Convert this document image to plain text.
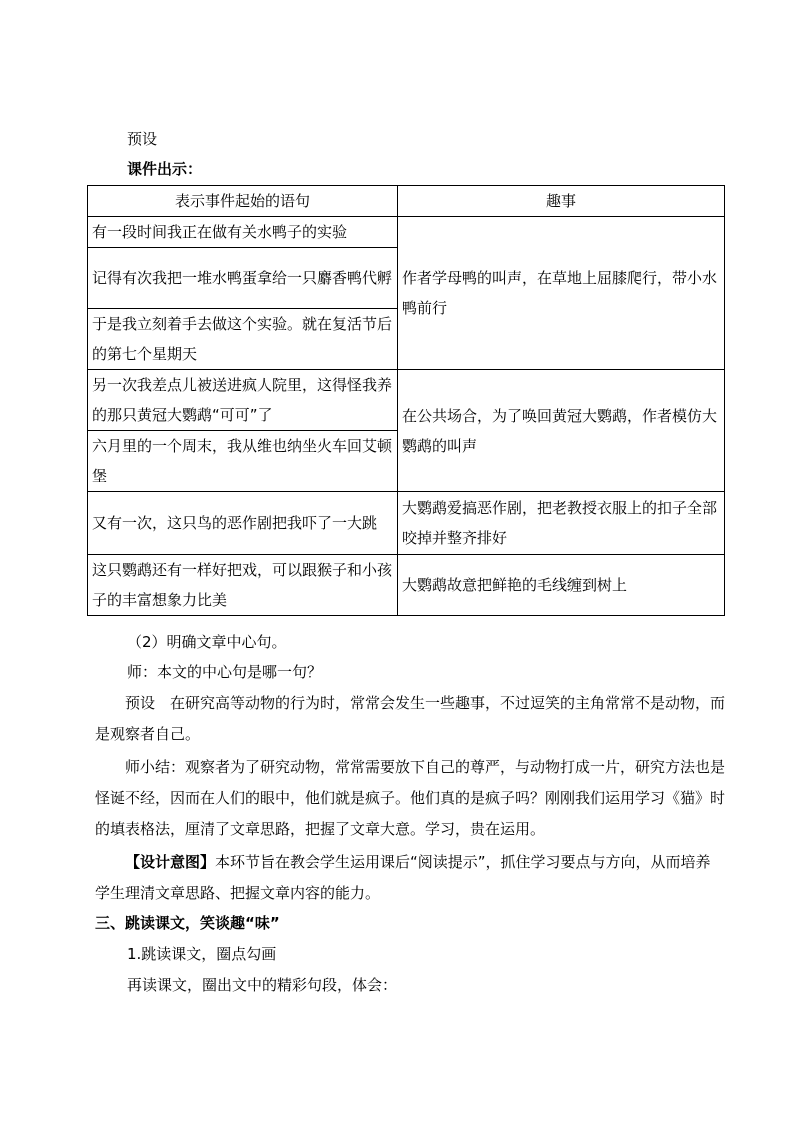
预设
课件出示：
表示事件起始的语句	趣事
有一段时间我正在做有关水鸭子的实验	作者学母鸭的叫声，在草地上屈膝爬行，带小水鸭前行
记得有次我把一堆水鸭蛋拿给一只麝香鸭代孵	
于是我立刻着手去做这个实验。就在复活节后的第七个星期天	
另一次我差点儿被送进疯人院里，这得怪我养的那只黄冠大鹦鹉“可可”了	在公共场合，为了唤回黄冠大鹦鹉，作者模仿大鹦鹉的叫声
六月里的一个周末，我从维也纳坐火车回艾顿堡	
又有一次，这只鸟的恶作剧把我吓了一大跳	大鹦鹉爱搞恶作剧，把老教授衣服上的扣子全部咬掉并整齐排好
这只鹦鹉还有一样好把戏，可以跟猴子和小孩子的丰富想象力比美	大鹦鹉故意把鲜艳的毛线缠到树上
（2）明确文章中心句。
师：本文的中心句是哪一句？
预设　在研究高等动物的行为时，常常会发生一些趣事，不过逗笑的主角常常不是动物，而是观察者自己。
师小结：观察者为了研究动物，常常需要放下自己的尊严，与动物打成一片，研究方法也是怪诞不经，因而在人们的眼中，他们就是疯子。他们真的是疯子吗？刚刚我们运用学习《猫》时的填表格法，厘清了文章思路，把握了文章大意。学习，贵在运用。
【设计意图】本环节旨在教会学生运用课后“阅读提示”，抓住学习要点与方向，从而培养学生理清文章思路、把握文章内容的能力。
三、跳读课文，笑谈趣“味”
1.跳读课文，圈点勾画
再读课文，圈出文中的精彩句段，体会：
